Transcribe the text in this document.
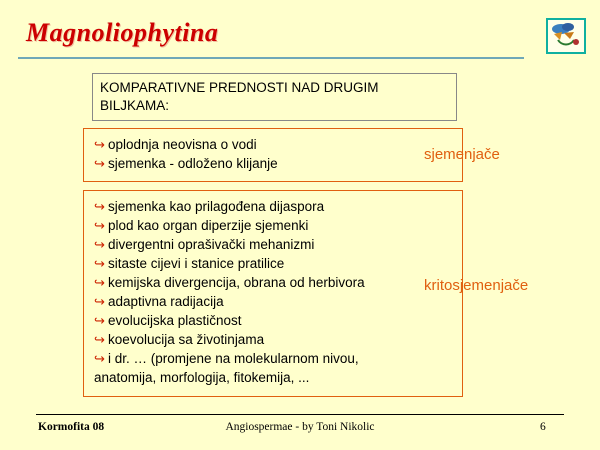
Magnoliophytina
KOMPARATIVNE PREDNOSTI NAD DRUGIM
BILJKAMA:
↪ oplodnja neovisna o vodi
↪ sjemenka - odloženo klijanje
sjemenjače
↪ sjemenka kao prilagođena dijaspora
↪ plod kao organ diperzije sjemenki
↪ divergentni oprašivački mehanizmi
↪ sitaste cijevi i stanice pratilice
↪ kemijska divergencija, obrana od herbivora
↪ adaptivna radijacija
↪ evolucijska plastičnost
↪ koevolucija sa životinjama
↪ i dr. … (promjene na molekularnom nivou,
anatomija, morfologija, fitokemija, ...
kritosjemenjače
Kormofita 08	Angiospermae - by Toni Nikolic	6
